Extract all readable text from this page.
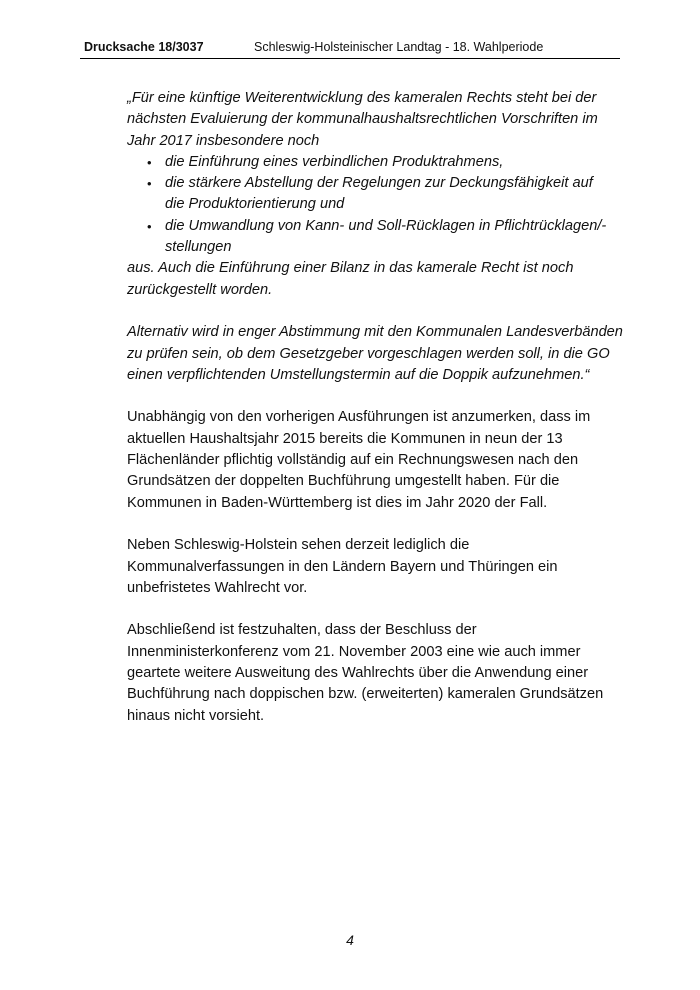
Drucksache 18/3037	Schleswig-Holsteinischer Landtag - 18. Wahlperiode

„Für eine künftige Weiterentwicklung des kameralen Rechts steht bei der nächsten Evaluierung der kommunalhaushaltsrechtlichen Vorschriften im Jahr 2017 insbesondere noch

• die Einführung eines verbindlichen Produktrahmens,
• die stärkere Abstellung der Regelungen zur Deckungsfähigkeit auf die Produktorientierung und
• die Umwandlung von Kann- und Soll-Rücklagen in Pflichtrücklagen/-stellungen

aus. Auch die Einführung einer Bilanz in das kamerale Recht ist noch zurückgestellt worden.

Alternativ wird in enger Abstimmung mit den Kommunalen Landesverbänden zu prüfen sein, ob dem Gesetzgeber vorgeschlagen werden soll, in die GO einen verpflichtenden Umstellungstermin auf die Doppik aufzunehmen.“

Unabhängig von den vorherigen Ausführungen ist anzumerken, dass im aktuellen Haushaltsjahr 2015 bereits die Kommunen in neun der 13 Flächenländer pflichtig vollständig auf ein Rechnungswesen nach den Grundsätzen der doppelten Buchführung umgestellt haben. Für die Kommunen in Baden-Württemberg ist dies im Jahr 2020 der Fall.

Neben Schleswig-Holstein sehen derzeit lediglich die Kommunalverfassungen in den Ländern Bayern und Thüringen ein unbefristetes Wahlrecht vor.

Abschließend ist festzuhalten, dass der Beschluss der Innenministerkonferenz vom 21. November 2003 eine wie auch immer geartete weitere Ausweitung des Wahlrechts über die Anwendung einer Buchführung nach doppischen bzw. (erweiterten) kameralen Grundsätzen hinaus nicht vorsieht.

4
